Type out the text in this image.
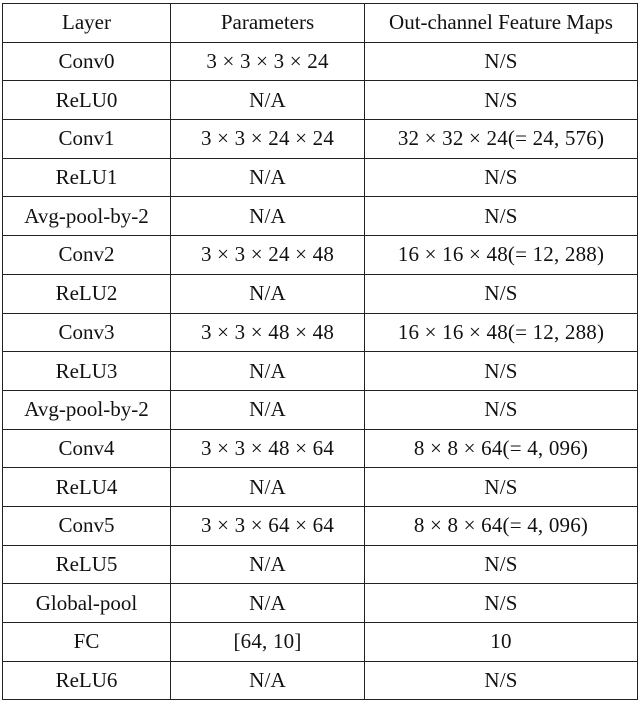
Layer	Parameters	Out-channel Feature Maps
Conv0	3 × 3 × 3 × 24	N/S
ReLU0	N/A	N/S
Conv1	3 × 3 × 24 × 24	32 × 32 × 24(= 24, 576)
ReLU1	N/A	N/S
Avg-pool-by-2	N/A	N/S
Conv2	3 × 3 × 24 × 48	16 × 16 × 48(= 12, 288)
ReLU2	N/A	N/S
Conv3	3 × 3 × 48 × 48	16 × 16 × 48(= 12, 288)
ReLU3	N/A	N/S
Avg-pool-by-2	N/A	N/S
Conv4	3 × 3 × 48 × 64	8 × 8 × 64(= 4, 096)
ReLU4	N/A	N/S
Conv5	3 × 3 × 64 × 64	8 × 8 × 64(= 4, 096)
ReLU5	N/A	N/S
Global-pool	N/A	N/S
FC	[64, 10]	10
ReLU6	N/A	N/S
